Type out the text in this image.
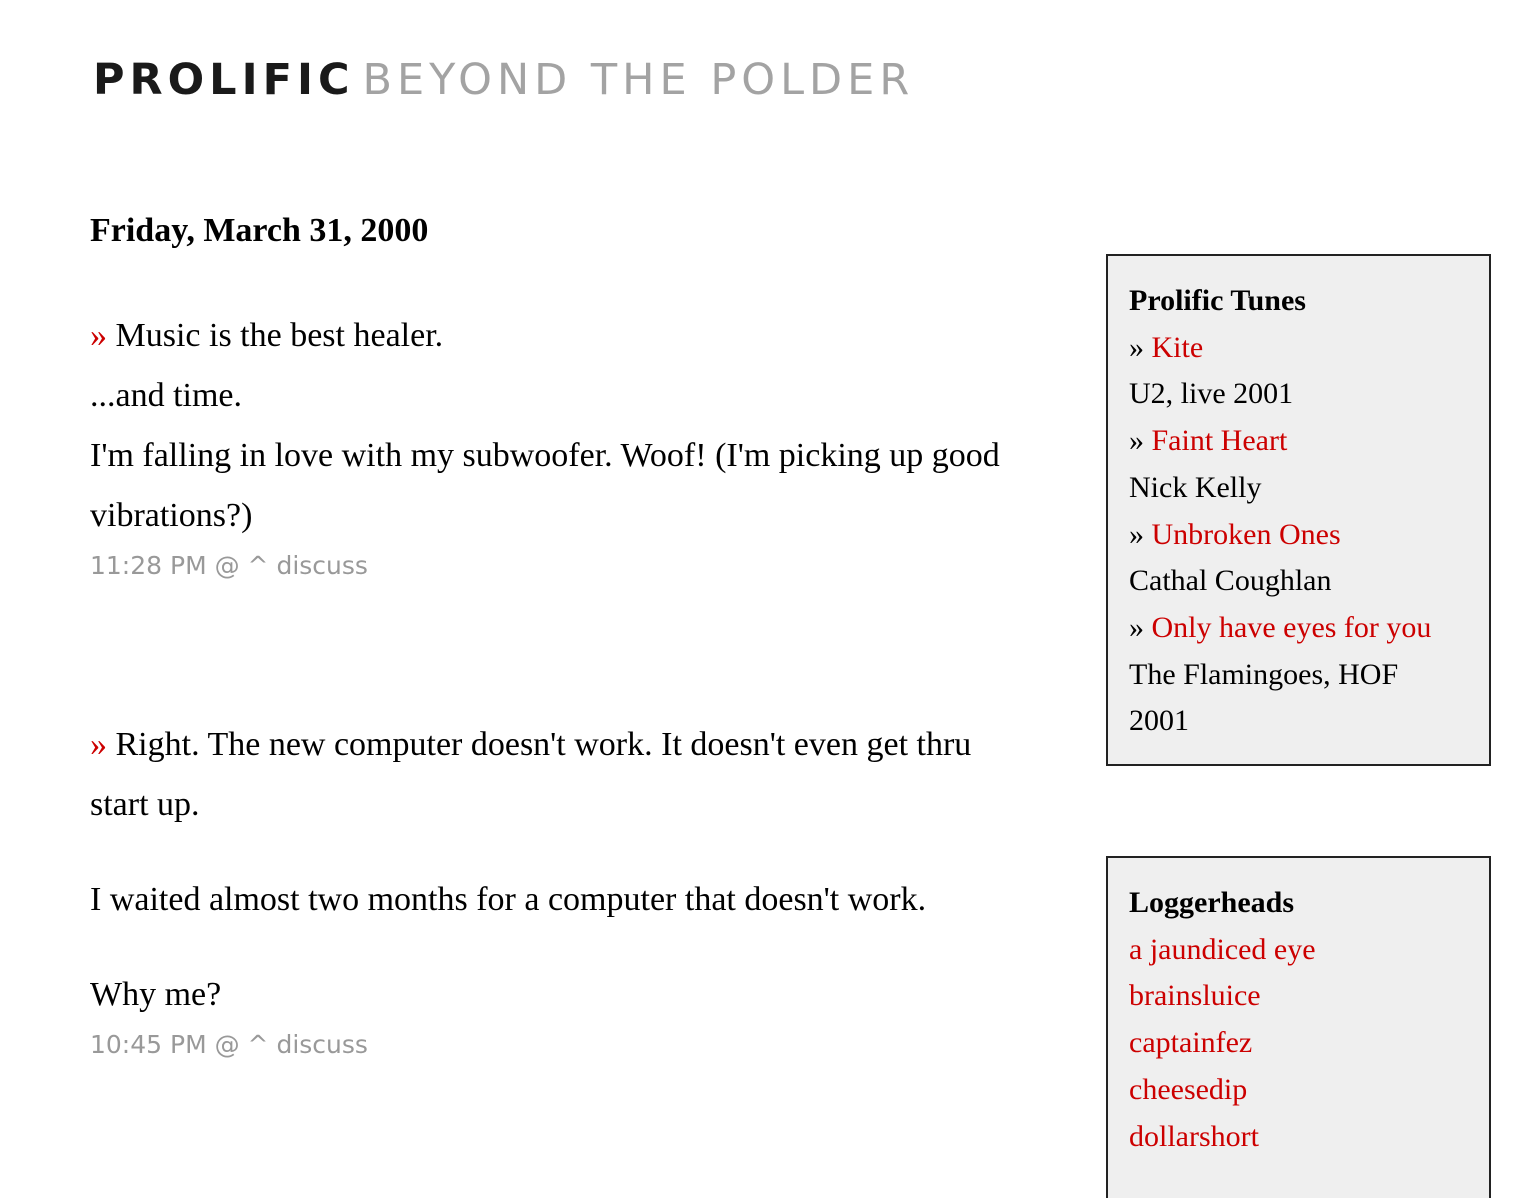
PROLIFIC BEYOND THE POLDER
Friday, March 31, 2000

» Music is the best healer.

...and time.

I'm falling in love with my subwoofer. Woof! (I'm picking up good vibrations?)

11:28 PM @ ^ discuss

» Right. The new computer doesn't work. It doesn't even get thru start up.

I waited almost two months for a computer that doesn't work.

Why me?

10:45 PM @ ^ discuss

Prolific Tunes

» Kite

U2, live 2001

» Faint Heart

Nick Kelly

» Unbroken Ones

Cathal Coughlan

» Only have eyes for you

The Flamingoes, HOF 2001

Loggerheads

a jaundiced eye

brainsluice

captainfez

cheesedip

dollarshort
